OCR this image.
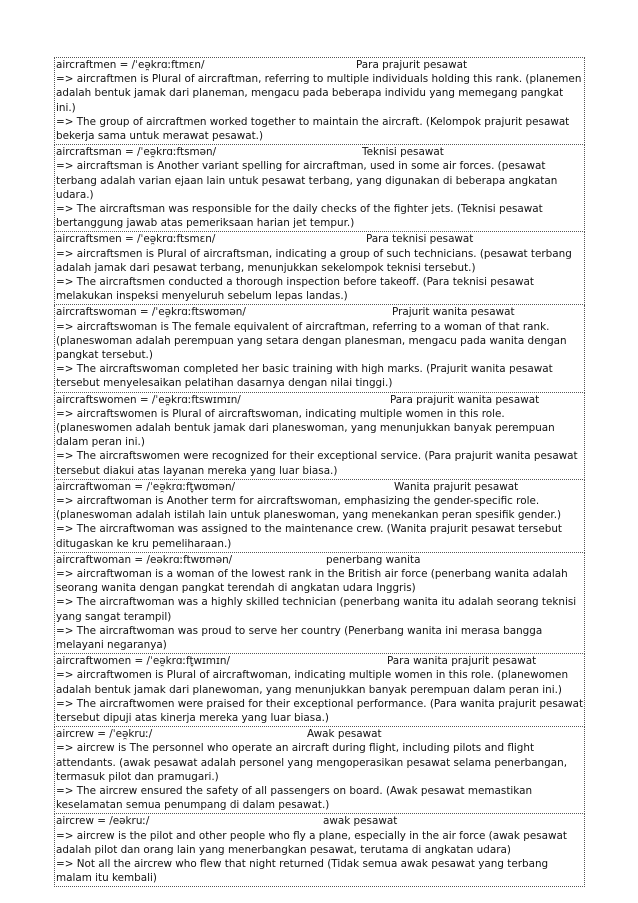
aircraftmen = /ˈeə̯krɑːftmɛn/	Para prajurit pesawat
=> aircraftmen is Plural of aircraftman, referring to multiple individuals holding this rank. (planemen adalah bentuk jamak dari planeman, mengacu pada beberapa individu yang memegang pangkat ini.)
=> The group of aircraftmen worked together to maintain the aircraft. (Kelompok prajurit pesawat bekerja sama untuk merawat pesawat.)
aircraftsman = /ˈeə̯krɑːftsmən/	Teknisi pesawat
=> aircraftsman is Another variant spelling for aircraftman, used in some air forces. (pesawat terbang adalah varian ejaan lain untuk pesawat terbang, yang digunakan di beberapa angkatan udara.)
=> The aircraftsman was responsible for the daily checks of the fighter jets. (Teknisi pesawat bertanggung jawab atas pemeriksaan harian jet tempur.)
aircraftsmen = /ˈeə̯krɑːftsmɛn/	Para teknisi pesawat
=> aircraftsmen is Plural of aircraftsman, indicating a group of such technicians. (pesawat terbang adalah jamak dari pesawat terbang, menunjukkan sekelompok teknisi tersebut.)
=> The aircraftsmen conducted a thorough inspection before takeoff. (Para teknisi pesawat melakukan inspeksi menyeluruh sebelum lepas landas.)
aircraftswoman = /ˈeə̯krɑːftswʊmən/	Prajurit wanita pesawat
=> aircraftswoman is The female equivalent of aircraftman, referring to a woman of that rank. (planeswoman adalah perempuan yang setara dengan planesman, mengacu pada wanita dengan pangkat tersebut.)
=> The aircraftswoman completed her basic training with high marks. (Prajurit wanita pesawat tersebut menyelesaikan pelatihan dasarnya dengan nilai tinggi.)
aircraftswomen = /ˈeə̯krɑːftswɪmɪn/	Para prajurit wanita pesawat
=> aircraftswomen is Plural of aircraftswoman, indicating multiple women in this role. (planeswomen adalah bentuk jamak dari planeswoman, yang menunjukkan banyak perempuan dalam peran ini.)
=> The aircraftswomen were recognized for their exceptional service. (Para prajurit wanita pesawat tersebut diakui atas layanan mereka yang luar biasa.)
aircraftwoman = /ˈeə̯krɑːft̬wʊmən/	Wanita prajurit pesawat
=> aircraftwoman is Another term for aircraftswoman, emphasizing the gender-specific role. (planeswoman adalah istilah lain untuk planeswoman, yang menekankan peran spesifik gender.)
=> The aircraftwoman was assigned to the maintenance crew. (Wanita prajurit pesawat tersebut ditugaskan ke kru pemeliharaan.)
aircraftwoman = /eəkrɑːftwʊmən/	penerbang wanita
=> aircraftwoman is a woman of the lowest rank in the British air force (penerbang wanita adalah seorang wanita dengan pangkat terendah di angkatan udara Inggris)
=> The aircraftwoman was a highly skilled technician (penerbang wanita itu adalah seorang teknisi yang sangat terampil)
=> The aircraftwoman was proud to serve her country (Penerbang wanita ini merasa bangga melayani negaranya)
aircraftwomen = /ˈeə̯krɑːft̬wɪmɪn/	Para wanita prajurit pesawat
=> aircraftwomen is Plural of aircraftwoman, indicating multiple women in this role. (planewomen adalah bentuk jamak dari planewoman, yang menunjukkan banyak perempuan dalam peran ini.)
=> The aircraftwomen were praised for their exceptional performance. (Para wanita prajurit pesawat tersebut dipuji atas kinerja mereka yang luar biasa.)
aircrew = /ˈeə̯kruː/	Awak pesawat
=> aircrew is The personnel who operate an aircraft during flight, including pilots and flight attendants. (awak pesawat adalah personel yang mengoperasikan pesawat selama penerbangan, termasuk pilot dan pramugari.)
=> The aircrew ensured the safety of all passengers on board. (Awak pesawat memastikan keselamatan semua penumpang di dalam pesawat.)
aircrew = /eəkruː/	awak pesawat
=> aircrew is the pilot and other people who fly a plane, especially in the air force (awak pesawat adalah pilot dan orang lain yang menerbangkan pesawat, terutama di angkatan udara)
=> Not all the aircrew who flew that night returned (Tidak semua awak pesawat yang terbang malam itu kembali)
